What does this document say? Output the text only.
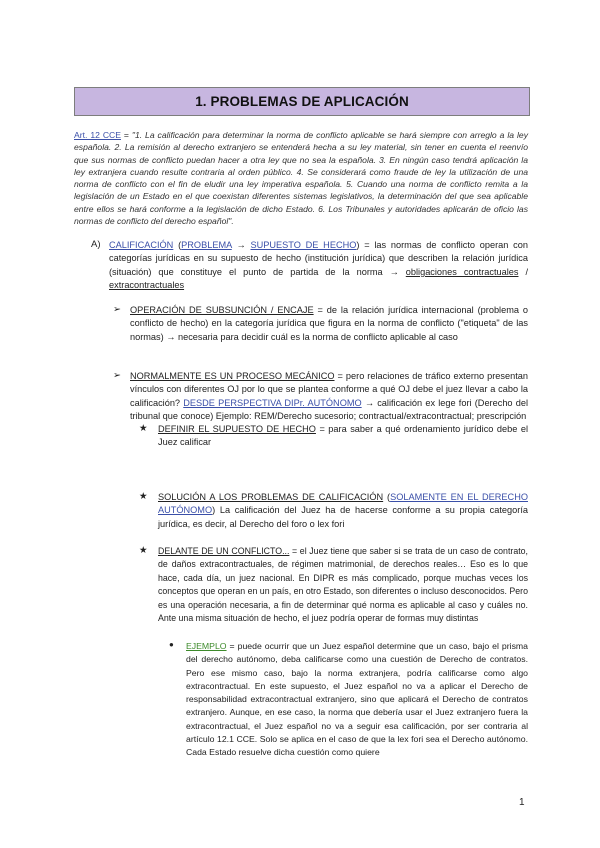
1. PROBLEMAS DE APLICACIÓN
Art. 12 CCE = "1. La calificación para determinar la norma de conflicto aplicable se hará siempre con arreglo a la ley española. 2. La remisión al derecho extranjero se entenderá hecha a su ley material, sin tener en cuenta el reenvío que sus normas de conflicto puedan hacer a otra ley que no sea la española. 3. En ningún caso tendrá aplicación la ley extranjera cuando resulte contraria al orden público. 4. Se considerará como fraude de ley la utilización de una norma de conflicto con el fin de eludir una ley imperativa española. 5. Cuando una norma de conflicto remita a la legislación de un Estado en el que coexistan diferentes sistemas legislativos, la determinación del que sea aplicable entre ellos se hará conforme a la legislación de dicho Estado. 6. Los Tribunales y autoridades aplicarán de oficio las normas de conflicto del derecho español".
A) CALIFICACIÓN (PROBLEMA → SUPUESTO DE HECHO) = las normas de conflicto operan con categorías jurídicas en su supuesto de hecho (institución jurídica) que describen la relación jurídica (situación) que constituye el punto de partida de la norma → obligaciones contractuales / extracontractuales
➢ OPERACIÓN DE SUBSUNCIÓN / ENCAJE = de la relación jurídica internacional (problema o conflicto de hecho) en la categoría jurídica que figura en la norma de conflicto ("etiqueta" de las normas) → necesaria para decidir cuál es la norma de conflicto aplicable al caso
➢ NORMALMENTE ES UN PROCESO MECÁNICO = pero relaciones de tráfico externo presentan vínculos con diferentes OJ por lo que se plantea conforme a qué OJ debe el juez llevar a cabo la calificación? DESDE PERSPECTIVA DIPr. AUTÓNOMO → calificación ex lege fori (Derecho del tribunal que conoce) Ejemplo: REM/Derecho sucesorio; contractual/extracontractual; prescripción
★ DEFINIR EL SUPUESTO DE HECHO = para saber a qué ordenamiento jurídico debe el Juez calificar
★ SOLUCIÓN A LOS PROBLEMAS DE CALIFICACIÓN (SOLAMENTE EN EL DERECHO AUTÓNOMO) La calificación del Juez ha de hacerse conforme a su propia categoría jurídica, es decir, al Derecho del foro o lex fori
★ DELANTE DE UN CONFLICTO... = el Juez tiene que saber si se trata de un caso de contrato, de daños extracontractuales, de régimen matrimonial, de derechos reales… Eso es lo que hace, cada día, un juez nacional. En DIPR es más complicado, porque muchas veces los conceptos que operan en un país, en otro Estado, son diferentes o incluso desconocidos. Pero es una operación necesaria, a fin de determinar qué norma es aplicable al caso y cuáles no. Ante una misma situación de hecho, el juez podría operar de formas muy distintas
● EJEMPLO = puede ocurrir que un Juez español determine que un caso, bajo el prisma del derecho autónomo, deba calificarse como una cuestión de Derecho de contratos. Pero ese mismo caso, bajo la norma extranjera, podría calificarse como algo extracontractual. En este supuesto, el Juez español no va a aplicar el Derecho de responsabilidad extracontractual extranjero, sino que aplicará el Derecho de contratos extranjero. Aunque, en ese caso, la norma que debería usar el Juez extranjero fuera la extracontractual, el Juez español no va a seguir esa calificación, por ser contraria al artículo 12.1 CCE. Solo se aplica en el caso de que la lex fori sea el Derecho autónomo. Cada Estado resuelve dicha cuestión como quiere
1
